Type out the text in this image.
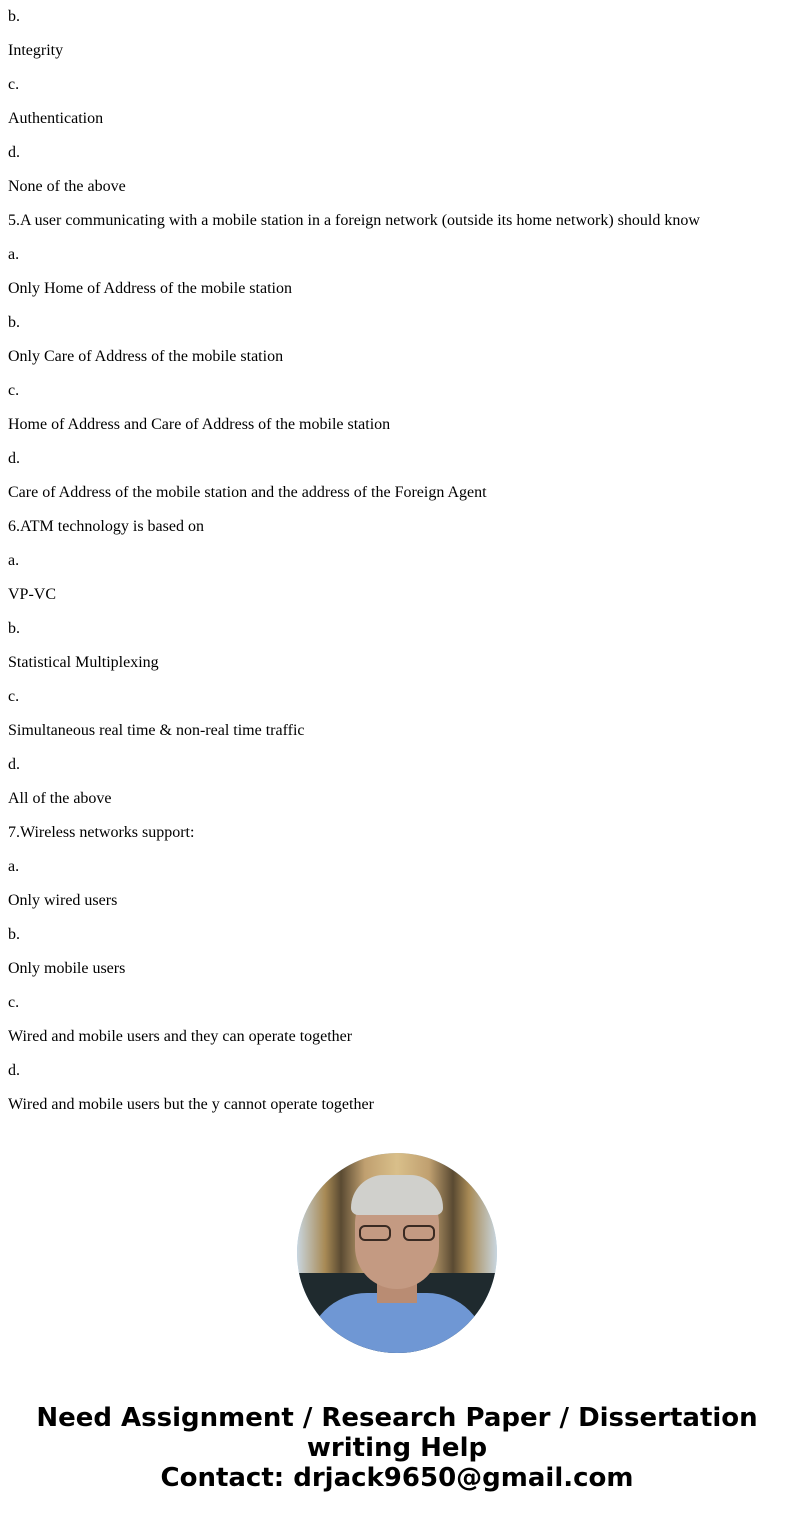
b.

Integrity

c.

Authentication

d.

None of the above

5.A user communicating with a mobile station in a foreign network (outside its home network) should know

a.

Only Home of Address of the mobile station

b.

Only Care of Address of the mobile station

c.

Home of Address and Care of Address of the mobile station

d.

Care of Address of the mobile station and the address of the Foreign Agent

6.ATM technology is based on

a.

VP-VC

b.

Statistical Multiplexing

c.

Simultaneous real time & non-real time traffic

d.

All of the above

7.Wireless networks support:

a.

Only wired users

b.

Only mobile users

c.

Wired and mobile users and they can operate together

d.

Wired and mobile users but the y cannot operate together

Need Assignment / Research Paper / Dissertation
writing Help
Contact: drjack9650@gmail.com
